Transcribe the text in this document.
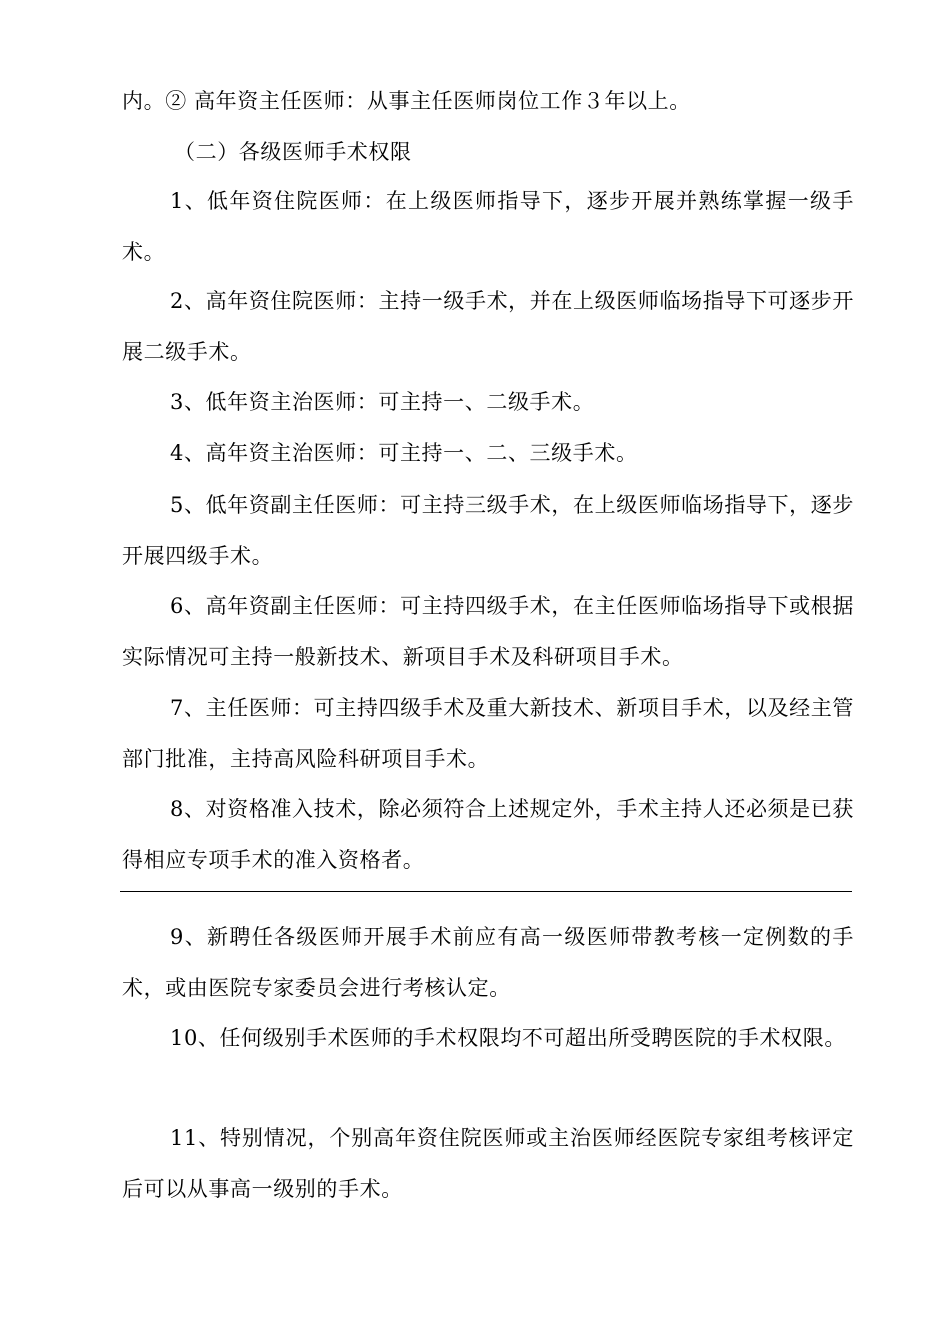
内。② 高年资主任医师：从事主任医师岗位工作３年以上。

（二）各级医师手术权限

1、低年资住院医师：在上级医师指导下，逐步开展并熟练掌握一级手术。

2、高年资住院医师：主持一级手术，并在上级医师临场指导下可逐步开展二级手术。

3、低年资主治医师：可主持一、二级手术。

4、高年资主治医师：可主持一、二、三级手术。

5、低年资副主任医师：可主持三级手术，在上级医师临场指导下，逐步开展四级手术。

6、高年资副主任医师：可主持四级手术，在主任医师临场指导下或根据实际情况可主持一般新技术、新项目手术及科研项目手术。

7、主任医师：可主持四级手术及重大新技术、新项目手术，以及经主管部门批准，主持高风险科研项目手术。

8、对资格准入技术，除必须符合上述规定外，手术主持人还必须是已获得相应专项手术的准入资格者。

9、新聘任各级医师开展手术前应有高一级医师带教考核一定例数的手术，或由医院专家委员会进行考核认定。

10、任何级别手术医师的手术权限均不可超出所受聘医院的手术权限。

11、特别情况，个别高年资住院医师或主治医师经医院专家组考核评定后可以从事高一级别的手术。
